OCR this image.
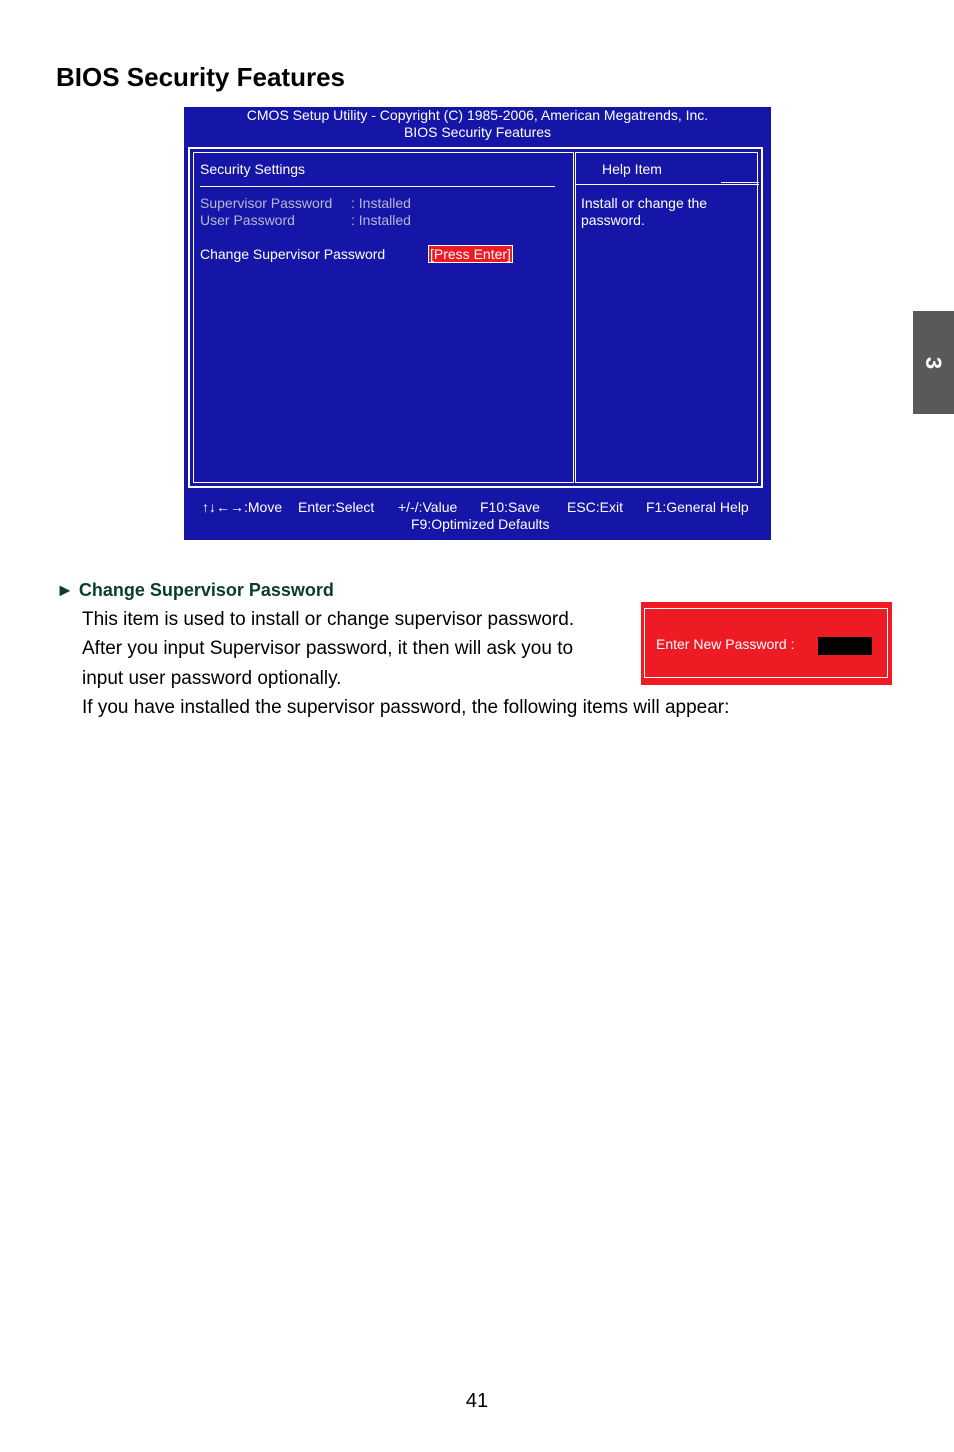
BIOS Security Features
3
CMOS Setup Utility - Copyright (C) 1985-2006, American Megatrends, Inc.
BIOS Security Features
Security Settings
Supervisor Password : Installed
User Password	: Installed
Change Supervisor Password	[Press Enter]
Help Item
Install or change the
password.
↑↓←→:Move Enter:Select +/-/:Value F10:Save ESC:Exit F1:General Help
F9:Optimized Defaults
► Change Supervisor Password

This item is used to install or change supervisor password.

After you input Supervisor password, it then will ask you to

input user password optionally.

If you have installed the supervisor password, the following items will appear:

Enter New Password :
41
